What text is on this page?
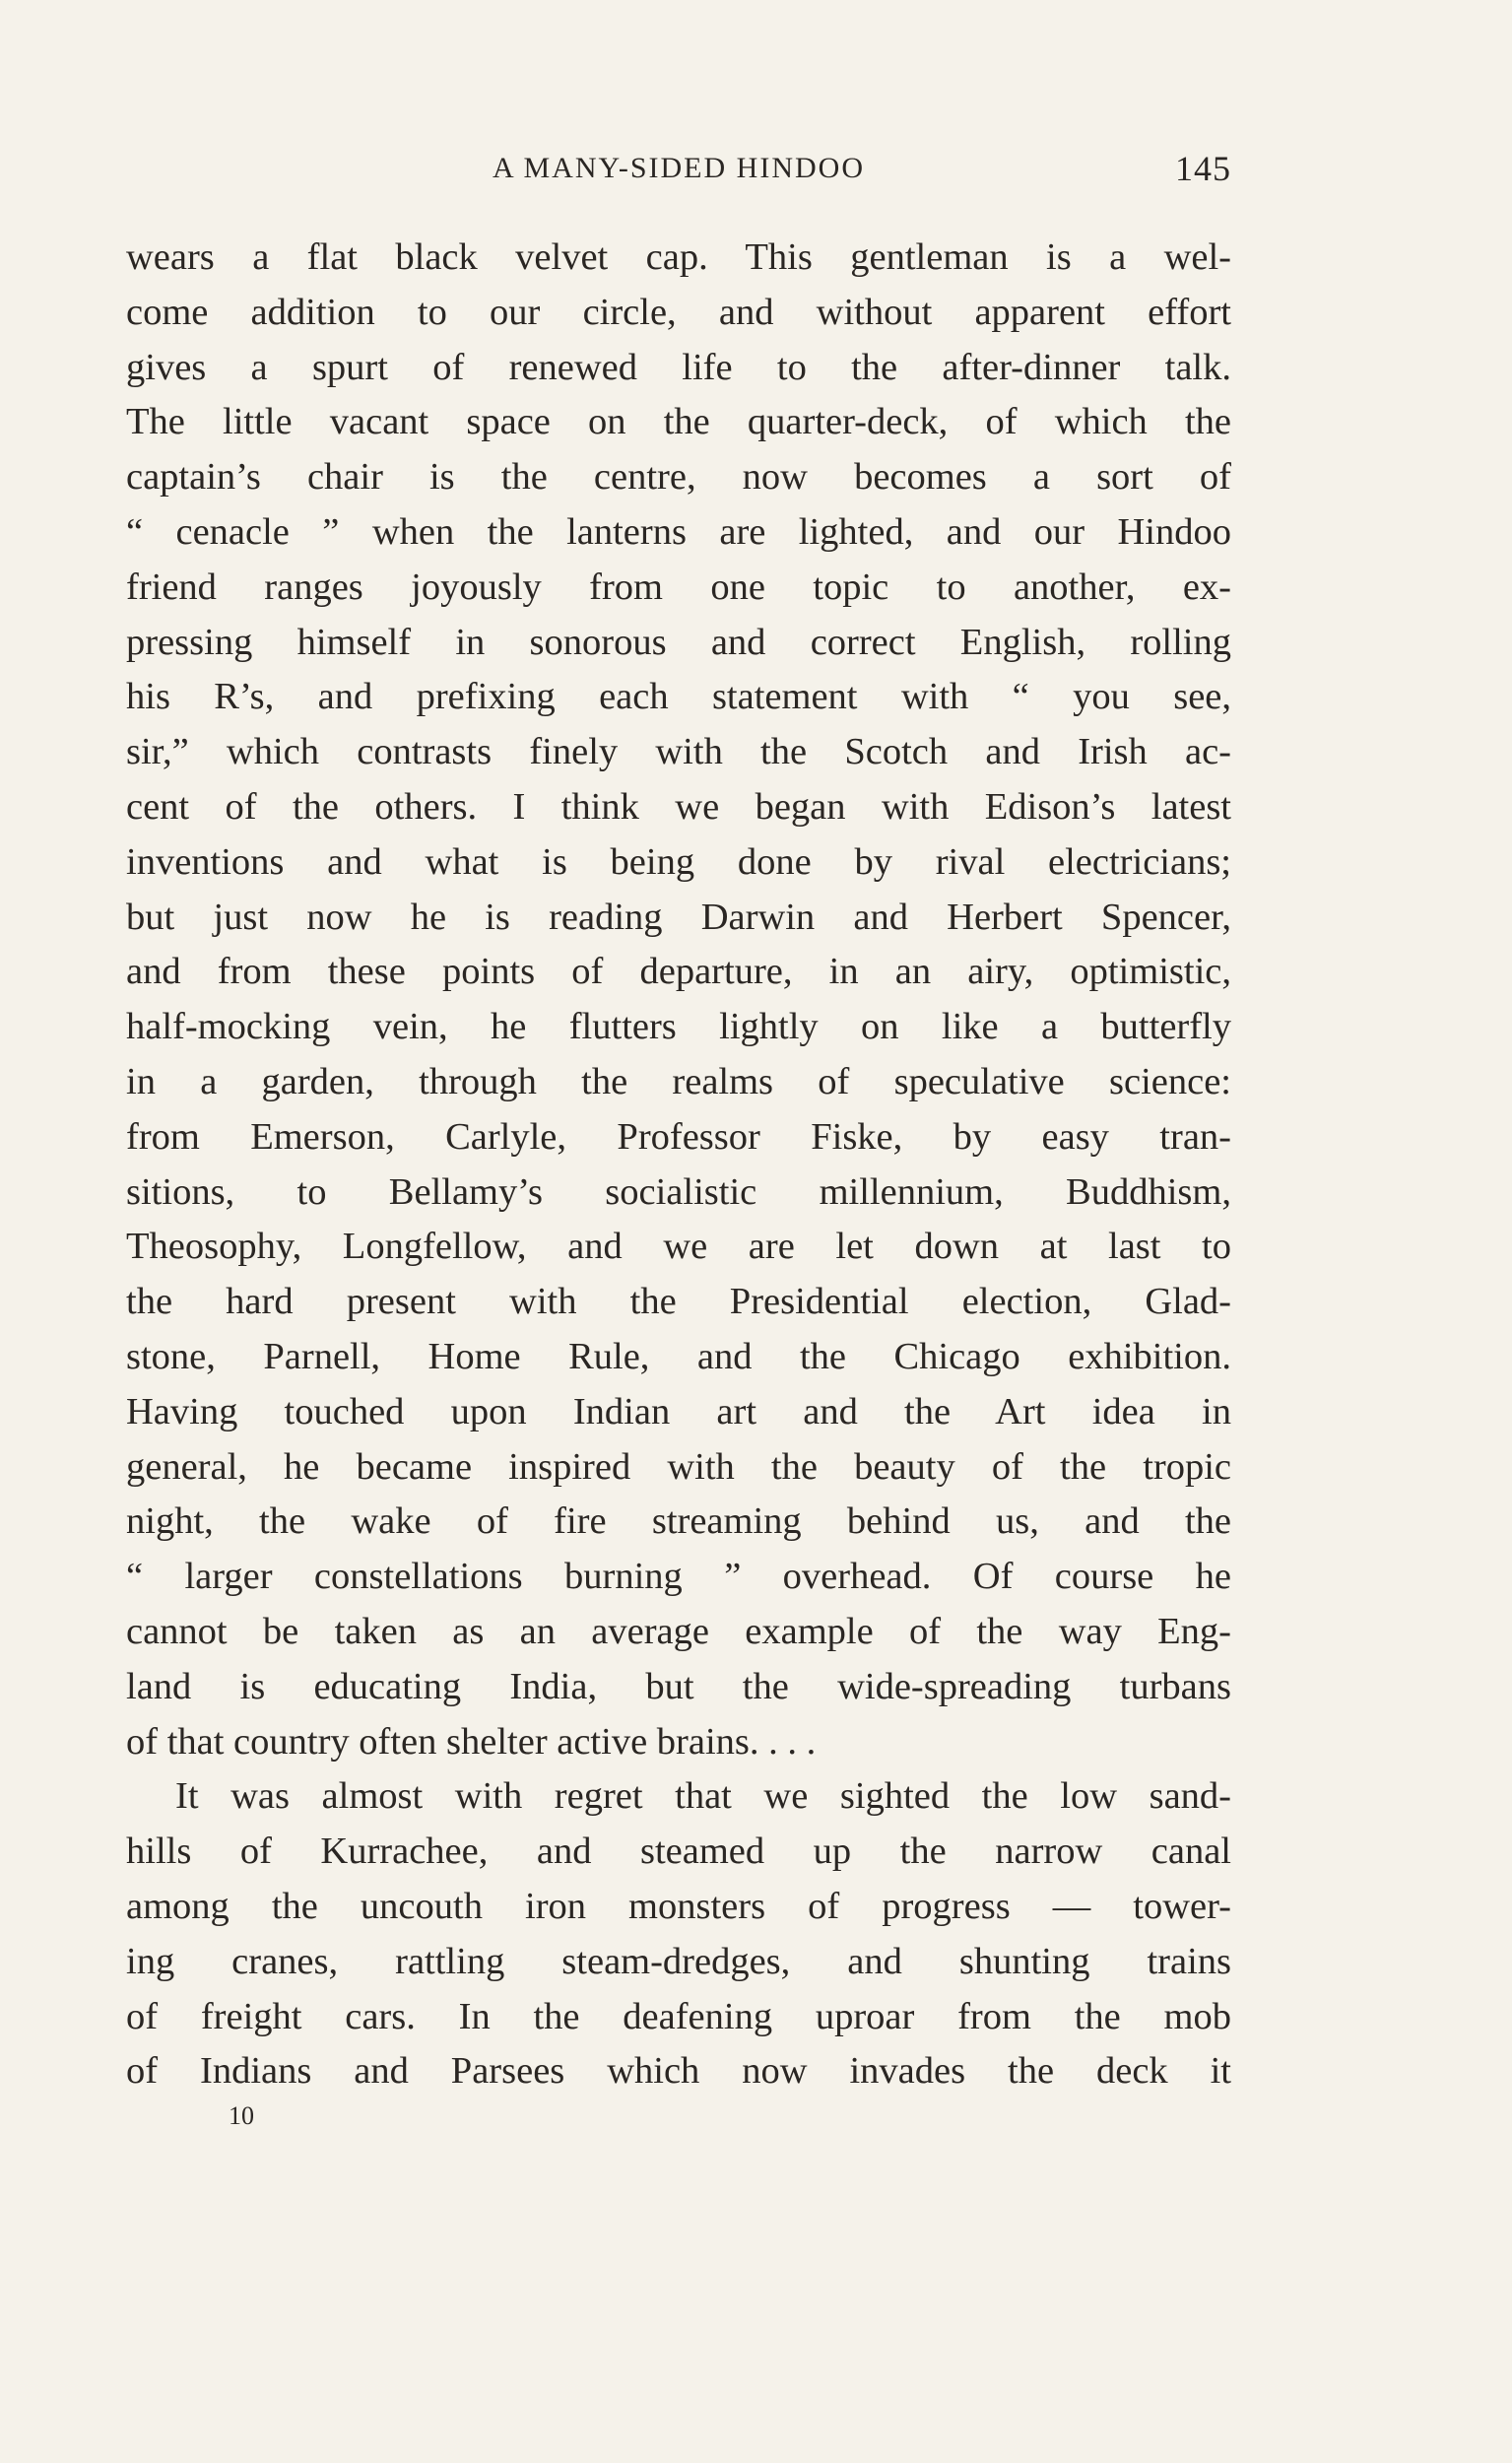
A MANY-SIDED HINDOO	145
wears a flat black velvet cap. This gentleman is a wel-
come addition to our circle, and without apparent effort
gives a spurt of renewed life to the after-dinner talk.
The little vacant space on the quarter-deck, of which the
captain’s chair is the centre, now becomes a sort of
“ cenacle ” when the lanterns are lighted, and our Hindoo
friend ranges joyously from one topic to another, ex-
pressing himself in sonorous and correct English, rolling
his R’s, and prefixing each statement with “ you see,
sir,” which contrasts finely with the Scotch and Irish ac-
cent of the others. I think we began with Edison’s latest
inventions and what is being done by rival electricians;
but just now he is reading Darwin and Herbert Spencer,
and from these points of departure, in an airy, optimistic,
half-mocking vein, he flutters lightly on like a butterfly
in a garden, through the realms of speculative science:
from Emerson, Carlyle, Professor Fiske, by easy tran-
sitions, to Bellamy’s socialistic millennium, Buddhism,
Theosophy, Longfellow, and we are let down at last to
the hard present with the Presidential election, Glad-
stone, Parnell, Home Rule, and the Chicago exhibition.
Having touched upon Indian art and the Art idea in
general, he became inspired with the beauty of the tropic
night, the wake of fire streaming behind us, and the
“ larger constellations burning ” overhead. Of course he
cannot be taken as an average example of the way Eng-
land is educating India, but the wide-spreading turbans
of that country often shelter active brains. . . .
It was almost with regret that we sighted the low sand-
hills of Kurrachee, and steamed up the narrow canal
among the uncouth iron monsters of progress — tower-
ing cranes, rattling steam-dredges, and shunting trains
of freight cars. In the deafening uproar from the mob
of Indians and Parsees which now invades the deck it
10
